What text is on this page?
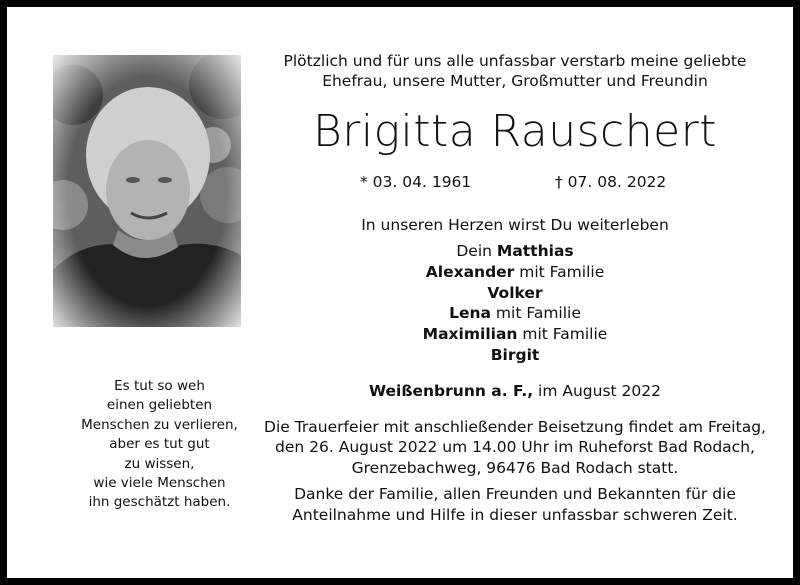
Es tut so weh
einen geliebten
Menschen zu verlieren,
aber es tut gut
zu wissen,
wie viele Menschen
ihn geschätzt haben.
Plötzlich und für uns alle unfassbar verstarb meine geliebte
Ehefrau, unsere Mutter, Großmutter und Freundin
Brigitta Rauschert
* 03. 04. 1961	† 07. 08. 2022
In unseren Herzen wirst Du weiterleben
Dein Matthias
Alexander mit Familie
Volker
Lena mit Familie
Maximilian mit Familie
Birgit
Weißenbrunn a. F., im August 2022
Die Trauerfeier mit anschließender Beisetzung findet am Freitag,
den 26. August 2022 um 14.00 Uhr im Ruheforst Bad Rodach,
Grenzebachweg, 96476 Bad Rodach statt.
Danke der Familie, allen Freunden und Bekannten für die
Anteilnahme und Hilfe in dieser unfassbar schweren Zeit.
